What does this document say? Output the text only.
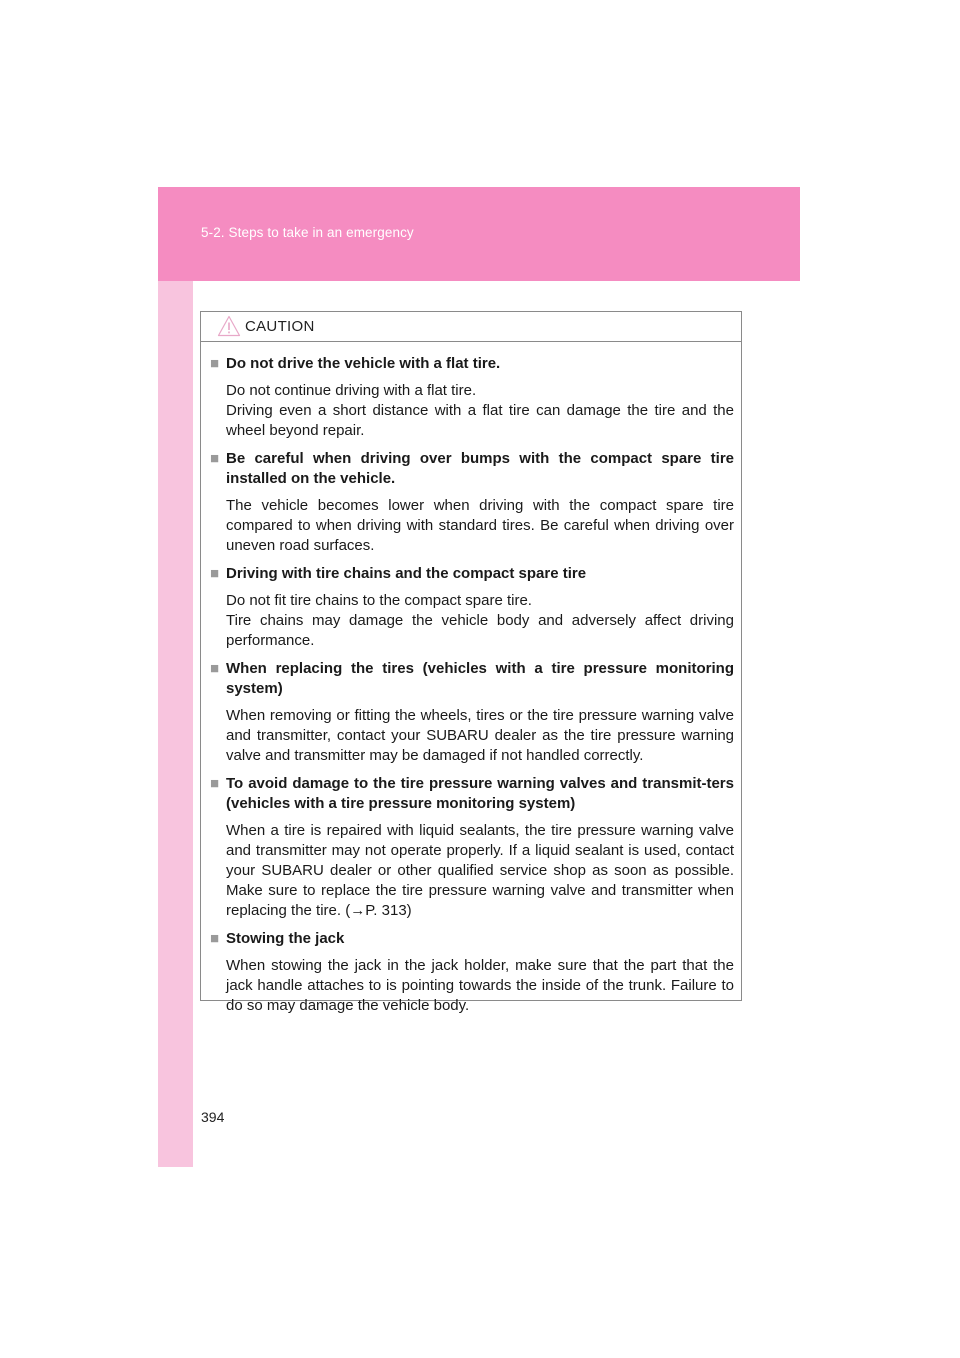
5-2. Steps to take in an emergency
CAUTION
■ Do not drive the vehicle with a flat tire.
Do not continue driving with a flat tire.
Driving even a short distance with a flat tire can damage the tire and the wheel beyond repair.
■ Be careful when driving over bumps with the compact spare tire installed on the vehicle.
The vehicle becomes lower when driving with the compact spare tire compared to when driving with standard tires. Be careful when driving over uneven road surfaces.
■ Driving with tire chains and the compact spare tire
Do not fit tire chains to the compact spare tire.
Tire chains may damage the vehicle body and adversely affect driving performance.
■ When replacing the tires (vehicles with a tire pressure monitoring system)
When removing or fitting the wheels, tires or the tire pressure warning valve and transmitter, contact your SUBARU dealer as the tire pressure warning valve and transmitter may be damaged if not handled correctly.
■ To avoid damage to the tire pressure warning valves and transmit-ters (vehicles with a tire pressure monitoring system)
When a tire is repaired with liquid sealants, the tire pressure warning valve and transmitter may not operate properly. If a liquid sealant is used, contact your SUBARU dealer or other qualified service shop as soon as possible. Make sure to replace the tire pressure warning valve and transmitter when replacing the tire. (→P. 313)
■ Stowing the jack
When stowing the jack in the jack holder, make sure that the part that the jack handle attaches to is pointing towards the inside of the trunk. Failure to do so may damage the vehicle body.
394
